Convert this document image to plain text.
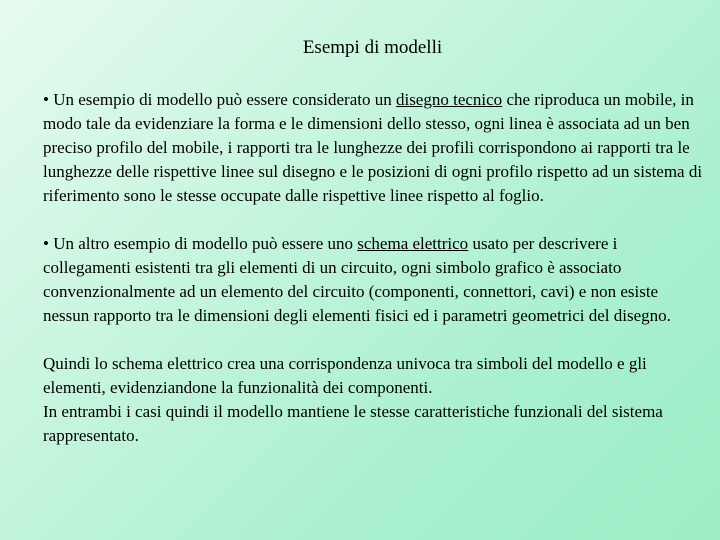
Esempi di modelli

• Un esempio di modello può essere considerato un disegno tecnico che riproduca un mobile, in modo tale da evidenziare la forma e le dimensioni dello stesso, ogni linea è associata ad un ben preciso profilo del mobile, i rapporti tra le lunghezze dei profili corrispondono ai rapporti tra le lunghezze delle rispettive linee sul disegno e le posizioni di ogni profilo rispetto ad un sistema di riferimento sono le stesse occupate dalle rispettive linee rispetto al foglio.

• Un altro esempio di modello può essere uno schema elettrico usato per descrivere i collegamenti esistenti tra gli elementi di un circuito, ogni simbolo grafico è associato convenzionalmente ad un elemento del circuito (componenti, connettori, cavi) e non esiste nessun rapporto tra le dimensioni degli elementi fisici ed i parametri geometrici del disegno.

Quindi lo schema elettrico crea una corrispondenza univoca tra simboli del modello e gli elementi, evidenziandone la funzionalità dei componenti.
In entrambi i casi quindi il modello mantiene le stesse caratteristiche funzionali del sistema rappresentato.
